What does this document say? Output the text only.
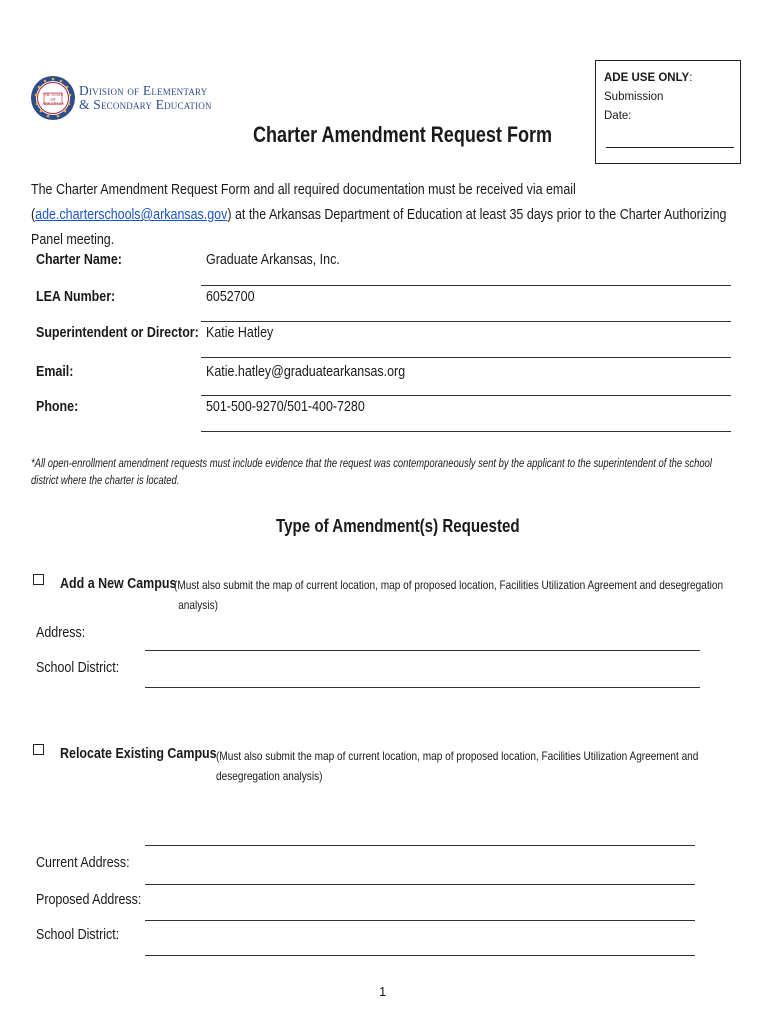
THE STATE OF ARKANSAS
Division of Elementary
& Secondary Education
ADE USE ONLY: Submission
Date:
Charter Amendment Request Form
The Charter Amendment Request Form and all required documentation must be received via email (ade.charterschools@arkansas.gov) at the Arkansas Department of Education at least 35 days prior to the Charter Authorizing Panel meeting.
Charter Name:	Graduate Arkansas, Inc.
LEA Number:	6052700
Superintendent or Director: Katie Hatley
Email:	Katie.hatley@graduatearkansas.org
Phone:	501-500-9270/501-400-7280
*All open-enrollment amendment requests must include evidence that the request was contemporaneously sent by the applicant to the superintendent of the school district where the charter is located.
Type of Amendment(s) Requested
Add a New Campus
(Must also submit the map of current location, map of proposed location, Facilities Utilization Agreement and desegregation
analysis)
Address:
School District:
Relocate Existing Campus (Must also submit the map of current location, map of proposed location, Facilities Utilization Agreement and
desegregation analysis)
Current Address:
Proposed Address:
School District:
1
